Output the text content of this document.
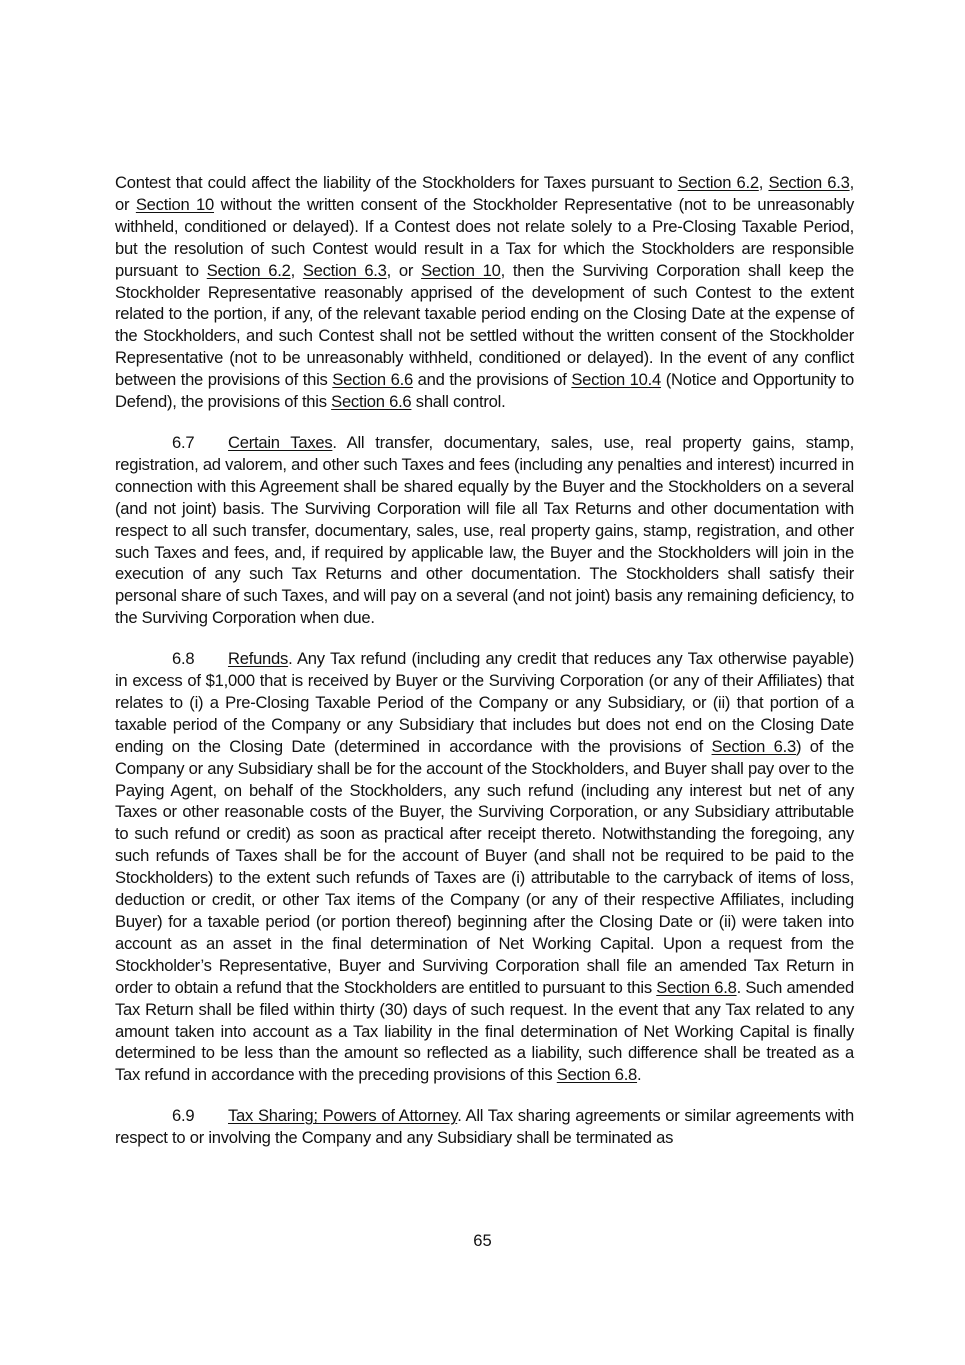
Contest that could affect the liability of the Stockholders for Taxes pursuant to Section 6.2, Section 6.3, or Section 10 without the written consent of the Stockholder Representative (not to be unreasonably withheld, conditioned or delayed). If a Contest does not relate solely to a Pre-Closing Taxable Period, but the resolution of such Contest would result in a Tax for which the Stockholders are responsible pursuant to Section 6.2, Section 6.3, or Section 10, then the Surviving Corporation shall keep the Stockholder Representative reasonably apprised of the development of such Contest to the extent related to the portion, if any, of the relevant taxable period ending on the Closing Date at the expense of the Stockholders, and such Contest shall not be settled without the written consent of the Stockholder Representative (not to be unreasonably withheld, conditioned or delayed). In the event of any conflict between the provisions of this Section 6.6 and the provisions of Section 10.4 (Notice and Opportunity to Defend), the provisions of this Section 6.6 shall control.

6.7 Certain Taxes. All transfer, documentary, sales, use, real property gains, stamp, registration, ad valorem, and other such Taxes and fees (including any penalties and interest) incurred in connection with this Agreement shall be shared equally by the Buyer and the Stockholders on a several (and not joint) basis. The Surviving Corporation will file all Tax Returns and other documentation with respect to all such transfer, documentary, sales, use, real property gains, stamp, registration, and other such Taxes and fees, and, if required by applicable law, the Buyer and the Stockholders will join in the execution of any such Tax Returns and other documentation. The Stockholders shall satisfy their personal share of such Taxes, and will pay on a several (and not joint) basis any remaining deficiency, to the Surviving Corporation when due.

6.8 Refunds. Any Tax refund (including any credit that reduces any Tax otherwise payable) in excess of $1,000 that is received by Buyer or the Surviving Corporation (or any of their Affiliates) that relates to (i) a Pre-Closing Taxable Period of the Company or any Subsidiary, or (ii) that portion of a taxable period of the Company or any Subsidiary that includes but does not end on the Closing Date ending on the Closing Date (determined in accordance with the provisions of Section 6.3) of the Company or any Subsidiary shall be for the account of the Stockholders, and Buyer shall pay over to the Paying Agent, on behalf of the Stockholders, any such refund (including any interest but net of any Taxes or other reasonable costs of the Buyer, the Surviving Corporation, or any Subsidiary attributable to such refund or credit) as soon as practical after receipt thereto. Notwithstanding the foregoing, any such refunds of Taxes shall be for the account of Buyer (and shall not be required to be paid to the Stockholders) to the extent such refunds of Taxes are (i) attributable to the carryback of items of loss, deduction or credit, or other Tax items of the Company (or any of their respective Affiliates, including Buyer) for a taxable period (or portion thereof) beginning after the Closing Date or (ii) were taken into account as an asset in the final determination of Net Working Capital. Upon a request from the Stockholder’s Representative, Buyer and Surviving Corporation shall file an amended Tax Return in order to obtain a refund that the Stockholders are entitled to pursuant to this Section 6.8. Such amended Tax Return shall be filed within thirty (30) days of such request. In the event that any Tax related to any amount taken into account as a Tax liability in the final determination of Net Working Capital is finally determined to be less than the amount so reflected as a liability, such difference shall be treated as a Tax refund in accordance with the preceding provisions of this Section 6.8.

6.9 Tax Sharing; Powers of Attorney. All Tax sharing agreements or similar agreements with respect to or involving the Company and any Subsidiary shall be terminated as

65
